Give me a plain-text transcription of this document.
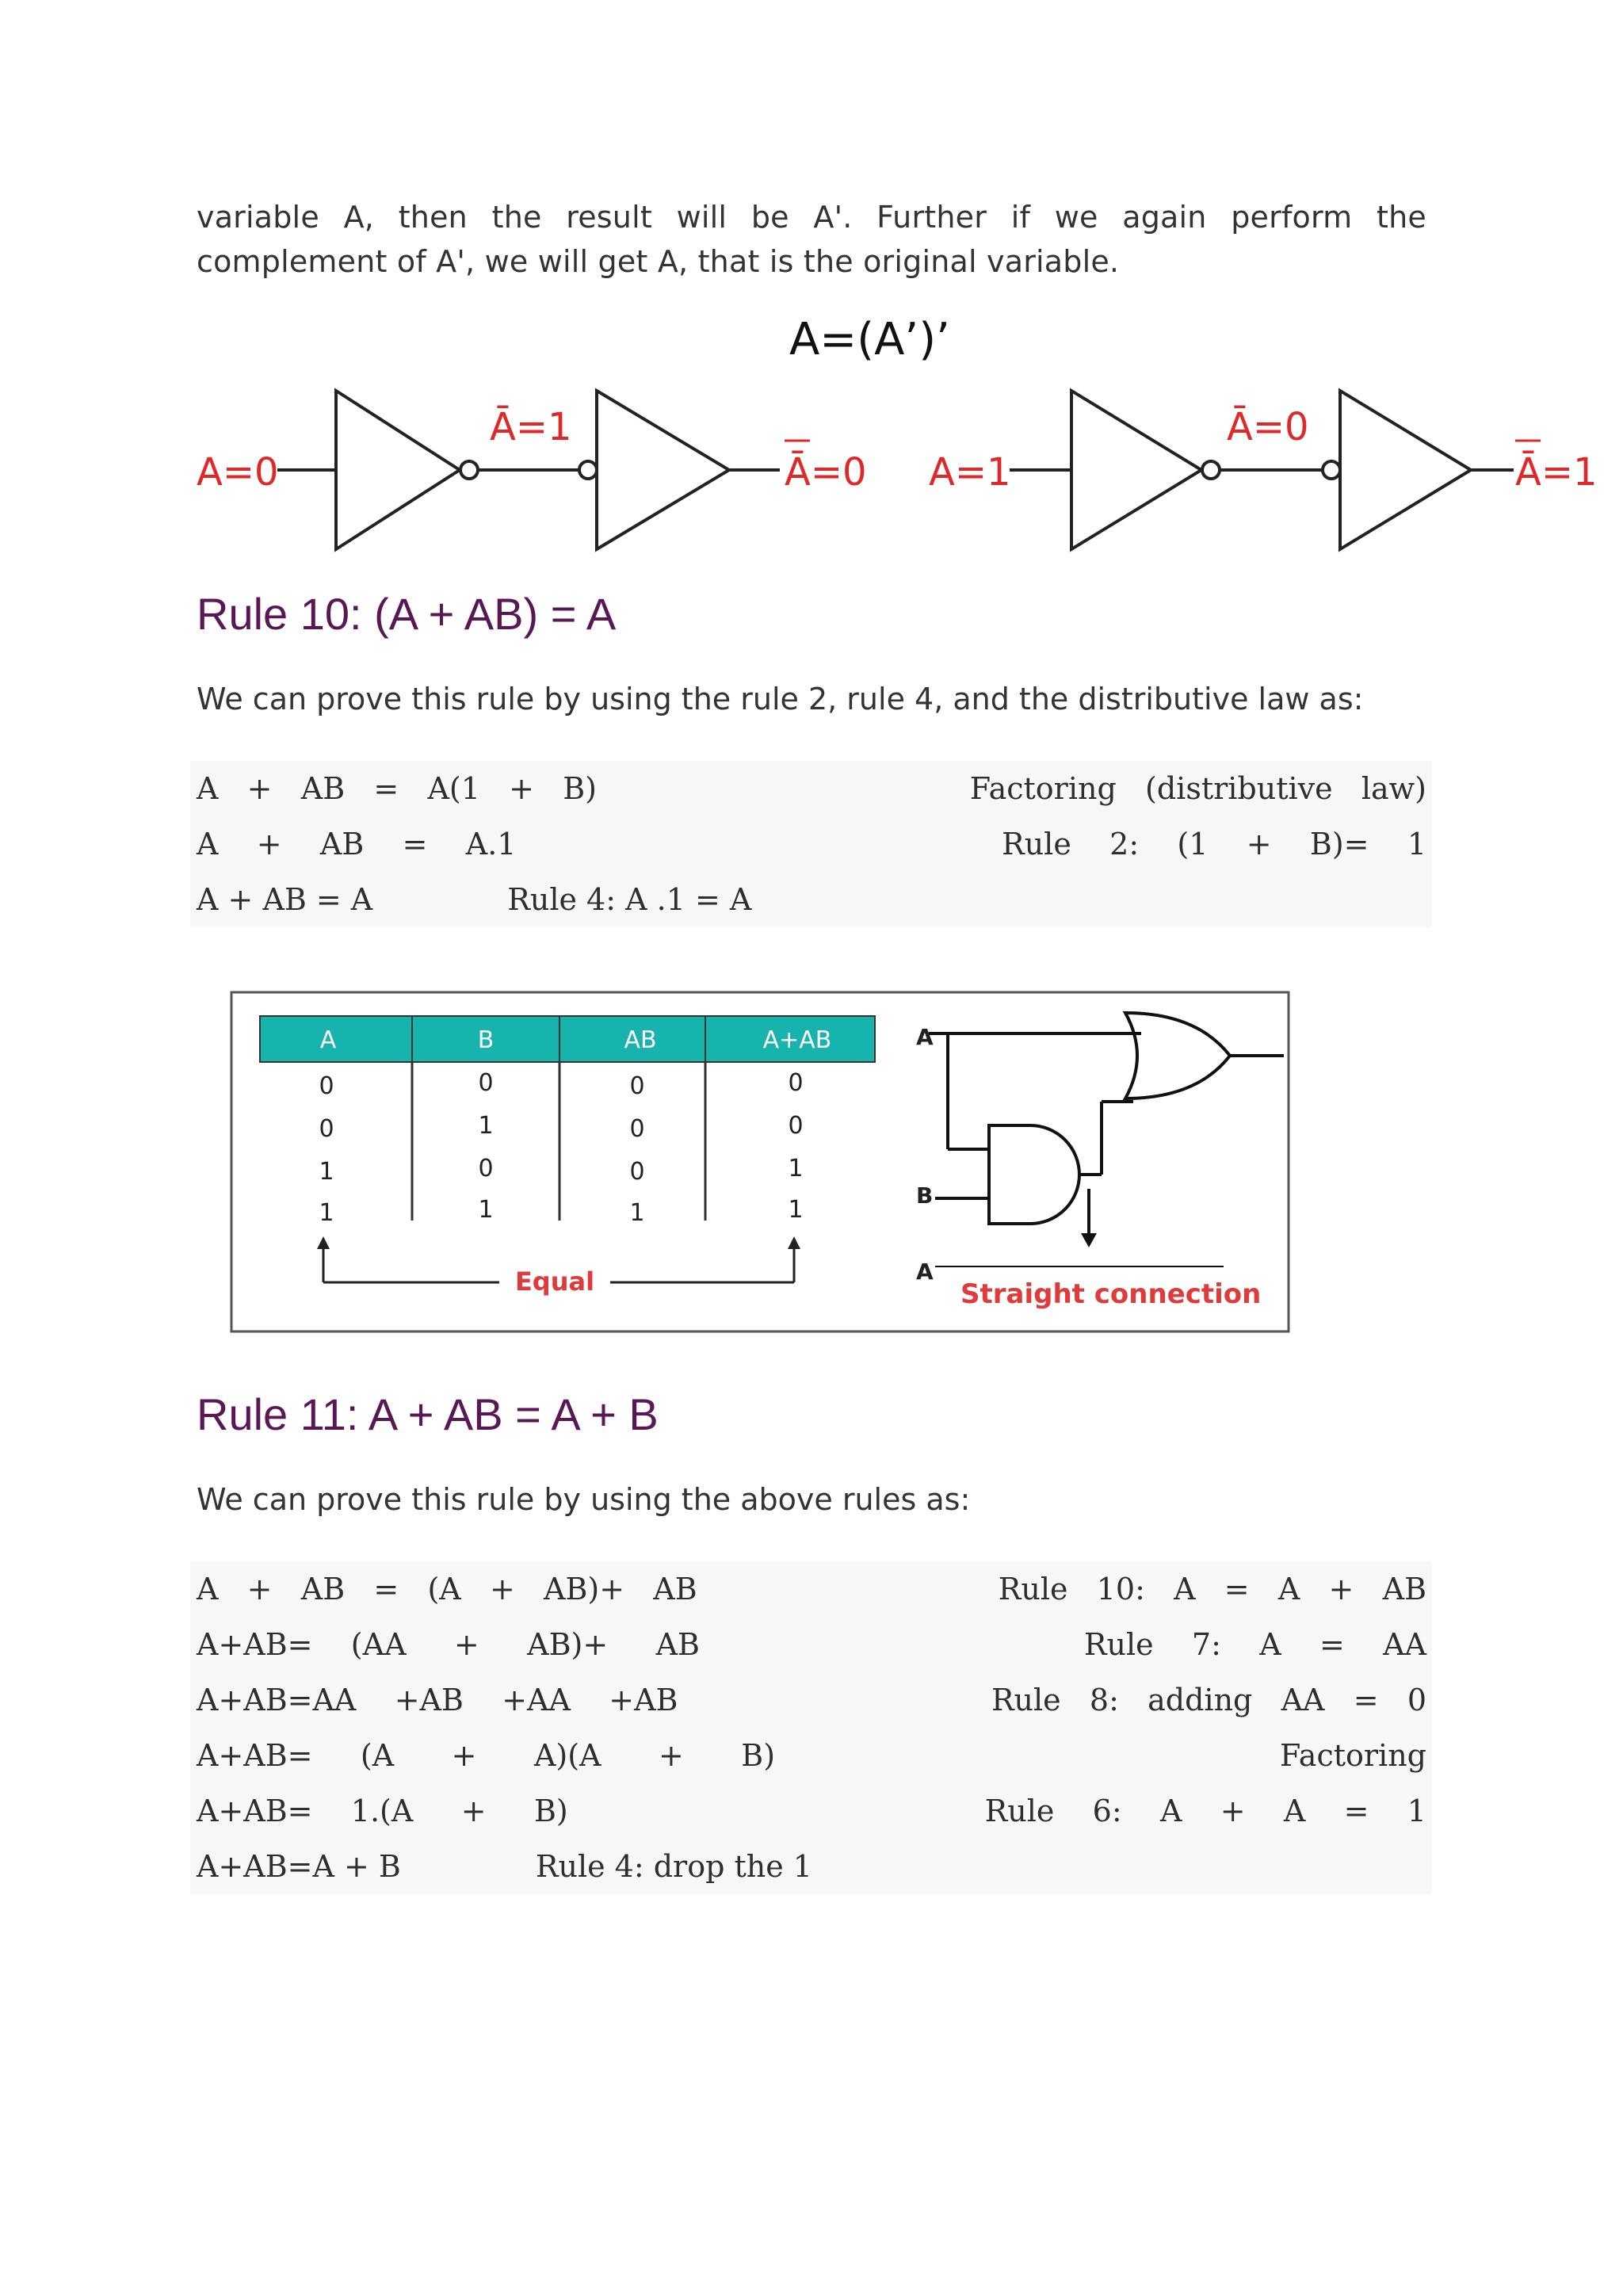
variable A, then the result will be A'. Further if we again perform the complement of A', we will get A, that is the original variable.
A=(A’)’
A=0
Ā=1
Ā=0 A=1
Ā=0
Ā=1
Rule 10: (A + AB) = A
We can prove this rule by using the rule 2, rule 4, and the distributive law as:
A   +   AB   =   A(1   +   B)	Factoring   (distributive   law)
A    +    AB    =    A.1	Rule    2:    (1    +    B)=    1
A + AB = A	Rule 4: A .1 = A
A	B	AB	A+AB
0	0	0	0
0	1	0	0
1	0	0	1
1	1	1	1
Equal
A
B
A
Straight connection
Rule 11: A + AB = A + B
We can prove this rule by using the above rules as:
A   +   AB   =   (A   +   AB)+   AB	Rule   10:   A   =   A   +   AB
A+AB=    (AA     +     AB)+     AB	Rule    7:    A    =    AA
A+AB=AA    +AB    +AA    +AB	Rule   8:   adding   AA   =   0
A+AB=     (A      +      A)(A      +      B)	Factoring
A+AB=    1.(A     +     B)	Rule    6:    A    +    A    =    1
A+AB=A + B	Rule 4: drop the 1
